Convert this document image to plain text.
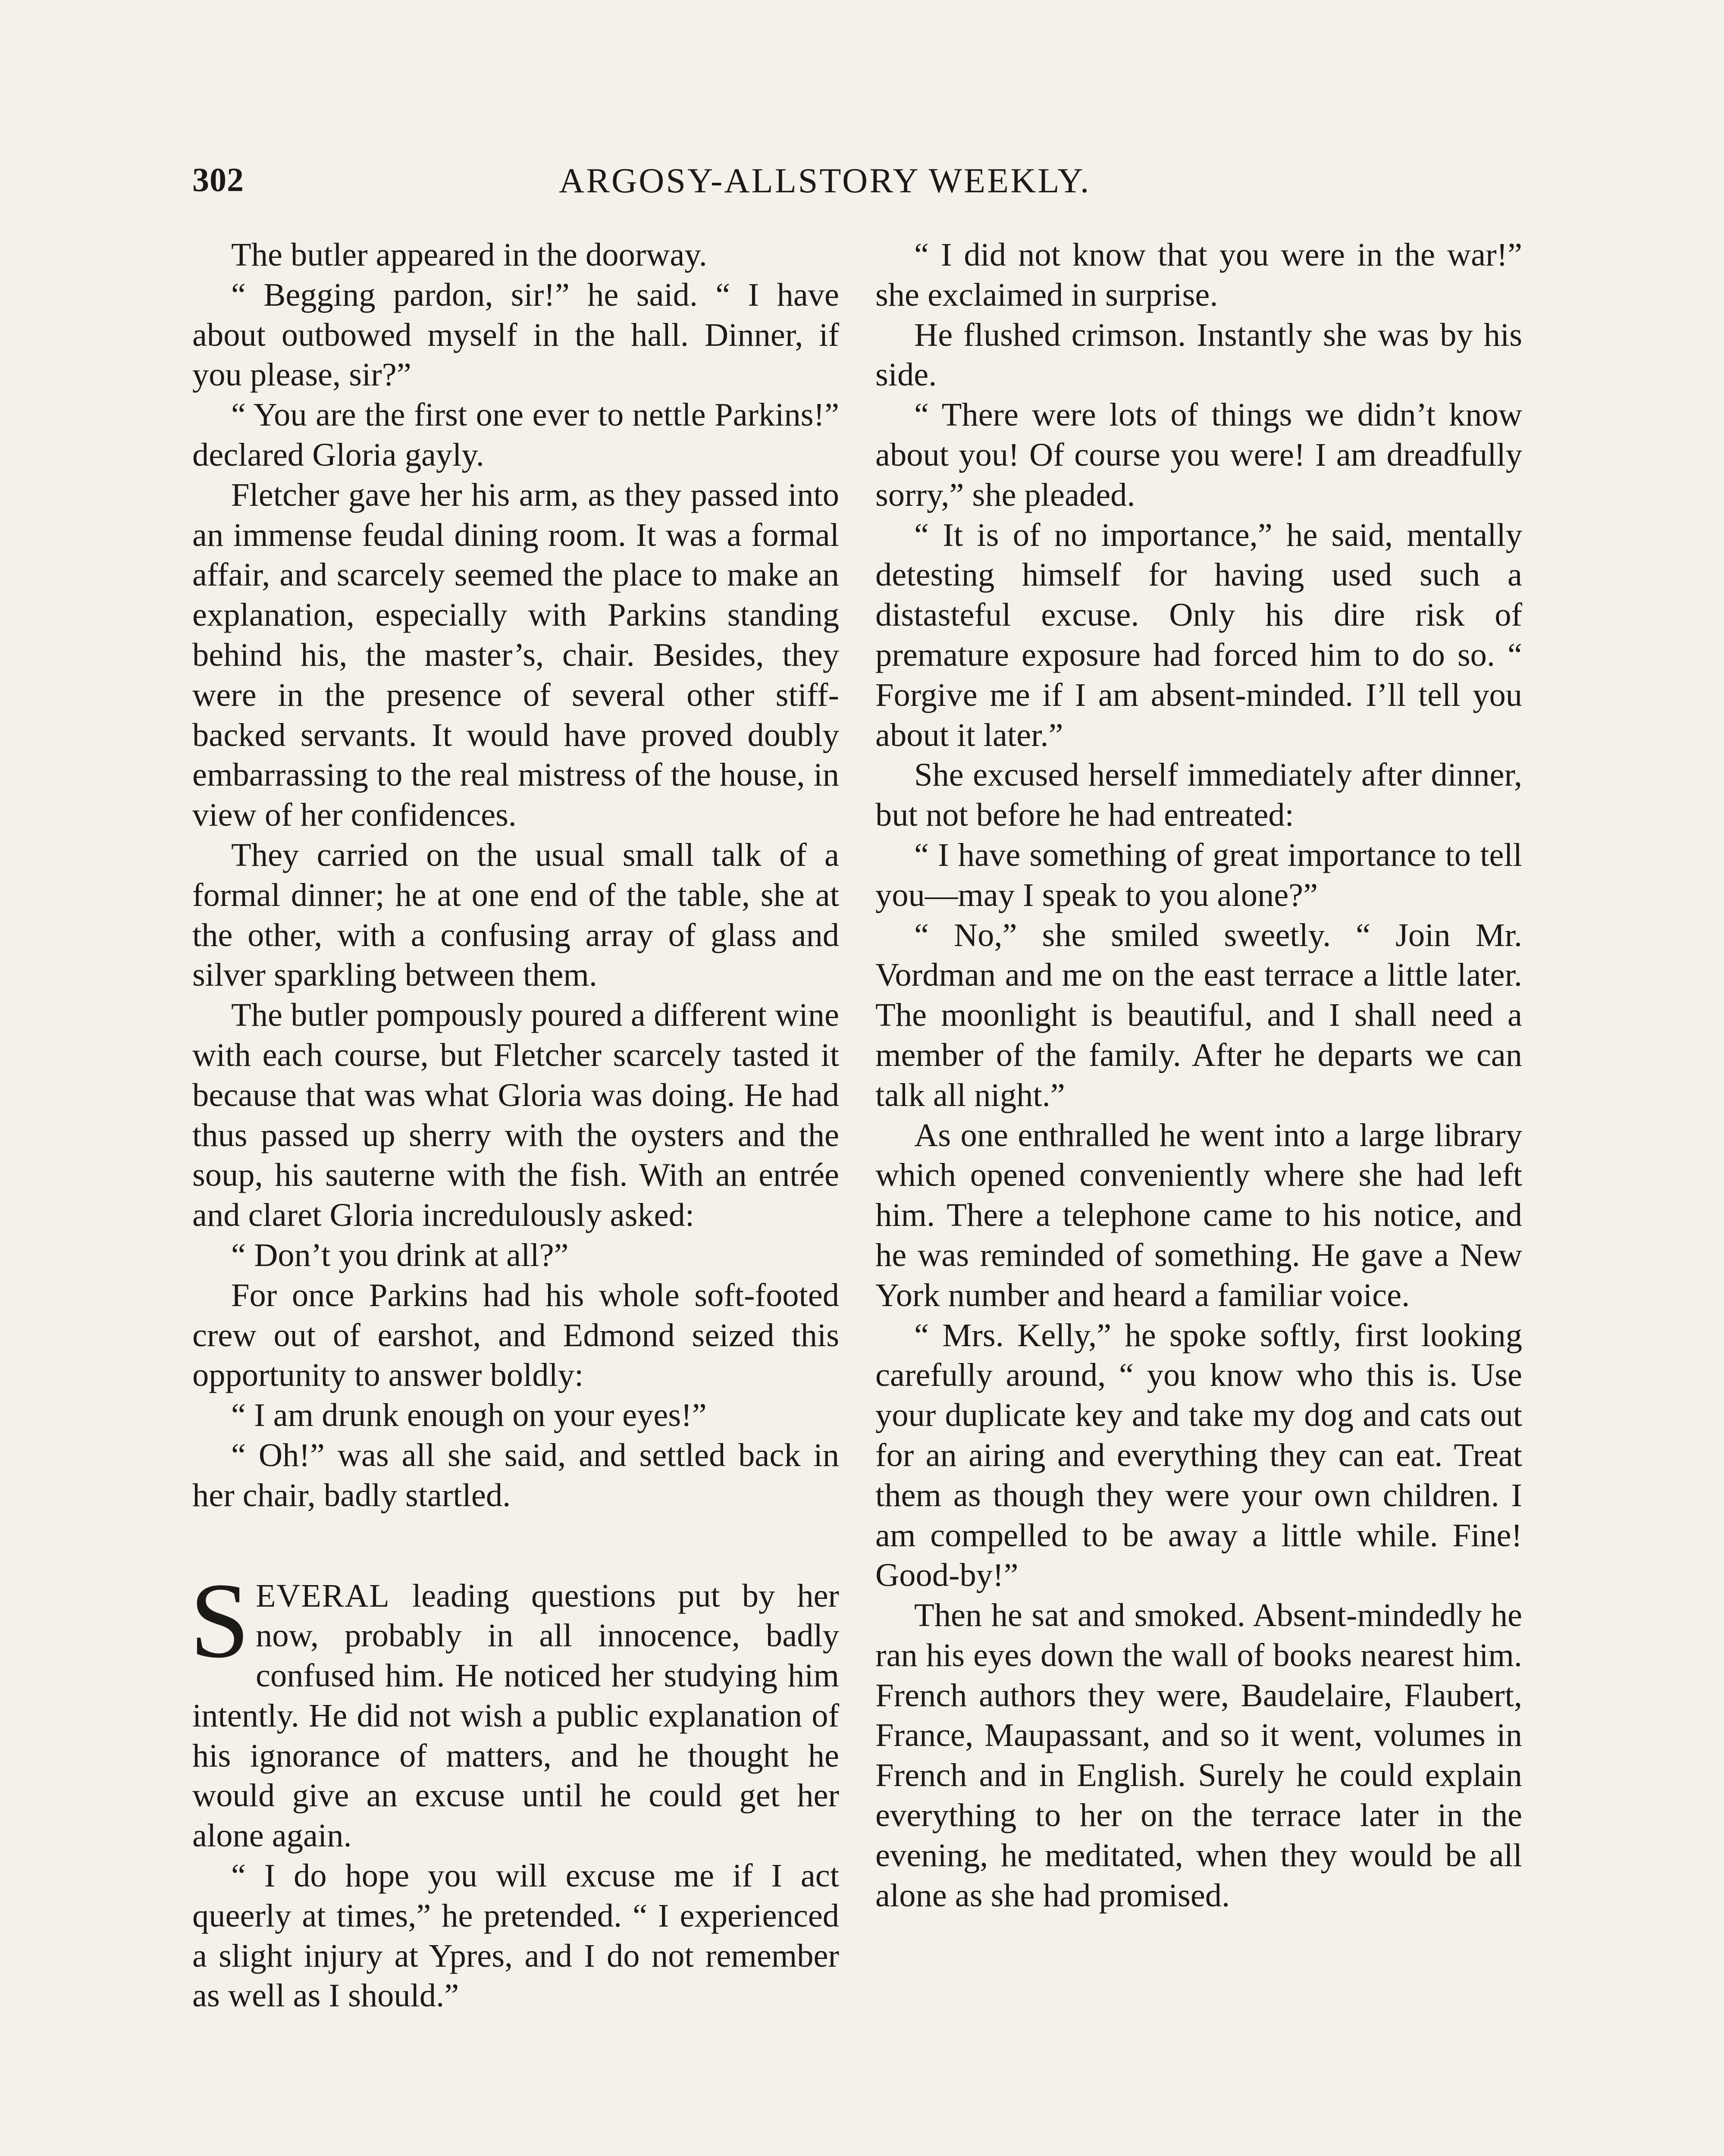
302	ARGOSY-ALLSTORY WEEKLY.

The butler appeared in the doorway.

“ Begging pardon, sir!” he said. “ I have about outbowed myself in the hall. Dinner, if you please, sir?”

“ You are the first one ever to nettle Parkins!” declared Gloria gayly.

Fletcher gave her his arm, as they passed into an immense feudal dining room. It was a formal affair, and scarcely seemed the place to make an explanation, especially with Parkins standing behind his, the master’s, chair. Besides, they were in the presence of several other stiff-backed servants. It would have proved doubly embarrassing to the real mistress of the house, in view of her confidences.

They carried on the usual small talk of a formal dinner; he at one end of the table, she at the other, with a confusing array of glass and silver sparkling between them.

The butler pompously poured a different wine with each course, but Fletcher scarcely tasted it because that was what Gloria was doing. He had thus passed up sherry with the oysters and the soup, his sauterne with the fish. With an entrée and claret Gloria incredulously asked:

“ Don’t you drink at all?”

For once Parkins had his whole soft-footed crew out of earshot, and Edmond seized this opportunity to answer boldly:

“ I am drunk enough on your eyes!”

“ Oh!” was all she said, and settled back in her chair, badly startled.

SEVERAL leading questions put by her now, probably in all innocence, badly confused him. He noticed her studying him intently. He did not wish a public explanation of his ignorance of matters, and he thought he would give an excuse until he could get her alone again.

“ I do hope you will excuse me if I act queerly at times,” he pretended. “ I experienced a slight injury at Ypres, and I do not remember as well as I should.”

“ I did not know that you were in the war!” she exclaimed in surprise.

He flushed crimson. Instantly she was by his side.

“ There were lots of things we didn’t know about you! Of course you were! I am dreadfully sorry,” she pleaded.

“ It is of no importance,” he said, mentally detesting himself for having used such a distasteful excuse. Only his dire risk of premature exposure had forced him to do so. “ Forgive me if I am absent-minded. I’ll tell you about it later.”

She excused herself immediately after dinner, but not before he had entreated:

“ I have something of great importance to tell you—may I speak to you alone?”

“ No,” she smiled sweetly. “ Join Mr. Vordman and me on the east terrace a little later. The moonlight is beautiful, and I shall need a member of the family. After he departs we can talk all night.”

As one enthralled he went into a large library which opened conveniently where she had left him. There a telephone came to his notice, and he was reminded of something. He gave a New York number and heard a familiar voice.

“ Mrs. Kelly,” he spoke softly, first looking carefully around, “ you know who this is. Use your duplicate key and take my dog and cats out for an airing and everything they can eat. Treat them as though they were your own children. I am compelled to be away a little while. Fine! Good-by!”

Then he sat and smoked. Absent-mindedly he ran his eyes down the wall of books nearest him. French authors they were, Baudelaire, Flaubert, France, Maupassant, and so it went, volumes in French and in English. Surely he could explain everything to her on the terrace later in the evening, he meditated, when they would be all alone as she had promised.
